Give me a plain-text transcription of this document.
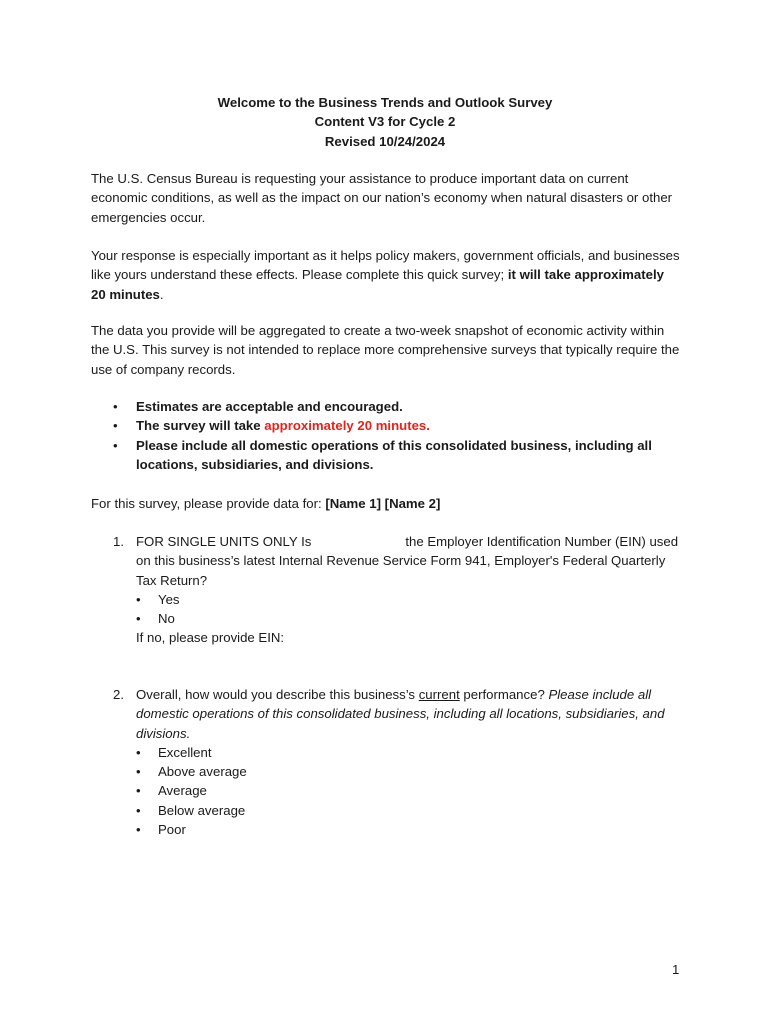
Welcome to the Business Trends and Outlook Survey
Content V3 for Cycle 2
Revised 10/24/2024
The U.S. Census Bureau is requesting your assistance to produce important data on current economic conditions, as well as the impact on our nation’s economy when natural disasters or other emergencies occur.
Your response is especially important as it helps policy makers, government officials, and businesses like yours understand these effects. Please complete this quick survey; it will take approximately 20 minutes.
The data you provide will be aggregated to create a two-week snapshot of economic activity within the U.S. This survey is not intended to replace more comprehensive surveys that typically require the use of company records.
• Estimates are acceptable and encouraged.
• The survey will take approximately 20 minutes.
• Please include all domestic operations of this consolidated business, including all locations, subsidiaries, and divisions.
For this survey, please provide data for: [Name 1] [Name 2]
1. FOR SINGLE UNITS ONLY Is	the Employer Identification Number (EIN) used on this business’s latest Internal Revenue Service Form 941, Employer's Federal Quarterly Tax Return?
• Yes
• No
If no, please provide EIN:
2. Overall, how would you describe this business’s current performance? Please include all domestic operations of this consolidated business, including all locations, subsidiaries, and divisions.
• Excellent
• Above average
• Average
• Below average
• Poor
1
